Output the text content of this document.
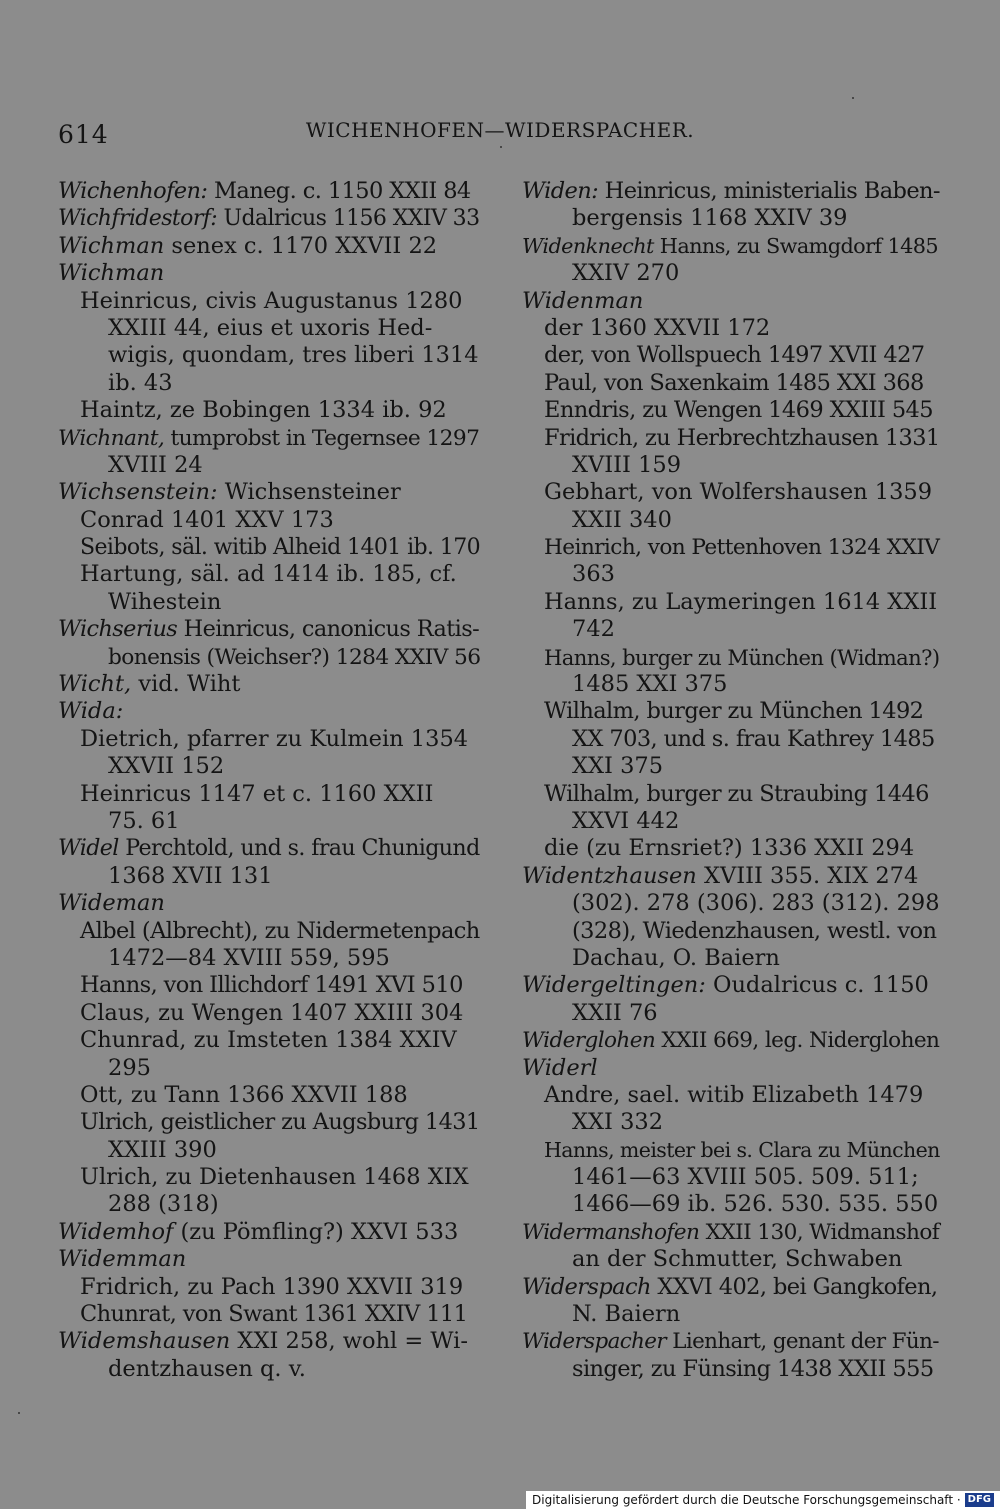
614	WICHENHOFEN—WIDERSPACHER.
Wichenhofen: Maneg. c. 1150 XXII 84
Wichfridestorf: Udalricus 1156 XXIV 33
Wichman senex c. 1170 XXVII 22
Wichman
Heinricus, civis Augustanus 1280
XXIII 44, eius et uxoris Hed-
wigis, quondam, tres liberi 1314
ib. 43
Haintz, ze Bobingen 1334 ib. 92
Wichnant, tumprobst in Tegernsee 1297
XVIII 24
Wichsenstein: Wichsensteiner
Conrad 1401 XXV 173
Seibots, säl. witib Alheid 1401 ib. 170
Hartung, säl. ad 1414 ib. 185, cf.
Wihestein
Wichserius Heinricus, canonicus Ratis-
bonensis (Weichser?) 1284 XXIV 56
Wicht, vid. Wiht
Wida:
Dietrich, pfarrer zu Kulmein 1354
XXVII 152
Heinricus 1147 et c. 1160 XXII
75. 61
Widel Perchtold, und s. frau Chunigund
1368 XVII 131
Wideman
Albel (Albrecht), zu Nidermetenpach
1472—84 XVIII 559, 595
Hanns, von Illichdorf 1491 XVI 510
Claus, zu Wengen 1407 XXIII 304
Chunrad, zu Imsteten 1384 XXIV
295
Ott, zu Tann 1366 XXVII 188
Ulrich, geistlicher zu Augsburg 1431
XXIII 390
Ulrich, zu Dietenhausen 1468 XIX
288 (318)
Widemhof (zu Pömfling?) XXVI 533
Widemman
Fridrich, zu Pach 1390 XXVII 319
Chunrat, von Swant 1361 XXIV 111
Widemshausen XXI 258, wohl = Wi-
dentzhausen q. v.
Widen: Heinricus, ministerialis Baben-
bergensis 1168 XXIV 39
Widenknecht Hanns, zu Swamgdorf 1485
XXIV 270
Widenman
der 1360 XXVII 172
der, von Wollspuech 1497 XVII 427
Paul, von Saxenkaim 1485 XXI 368
Enndris, zu Wengen 1469 XXIII 545
Fridrich, zu Herbrechtzhausen 1331
XVIII 159
Gebhart, von Wolfershausen 1359
XXII 340
Heinrich, von Pettenhoven 1324 XXIV
363
Hanns, zu Laymeringen 1614 XXII
742
Hanns, burger zu München (Widman?)
1485 XXI 375
Wilhalm, burger zu München 1492
XX 703, und s. frau Kathrey 1485
XXI 375
Wilhalm, burger zu Straubing 1446
XXVI 442
die (zu Ernsriet?) 1336 XXII 294
Widentzhausen XVIII 355. XIX 274
(302). 278 (306). 283 (312). 298
(328), Wiedenzhausen, westl. von
Dachau, O. Baiern
Widergeltingen: Oudalricus c. 1150
XXII 76
Widerglohen XXII 669, leg. Niderglohen
Widerl
Andre, sael. witib Elizabeth 1479
XXI 332
Hanns, meister bei s. Clara zu München
1461—63 XVIII 505. 509. 511;
1466—69 ib. 526. 530. 535. 550
Widermanshofen XXII 130, Widmanshof
an der Schmutter, Schwaben
Widerspach XXVI 402, bei Gangkofen,
N. Baiern
Widerspacher Lienhart, genant der Fün-
singer, zu Fünsing 1438 XXII 555
Digitalisierung gefördert durch die Deutsche Forschungsgemeinschaft · DFG
